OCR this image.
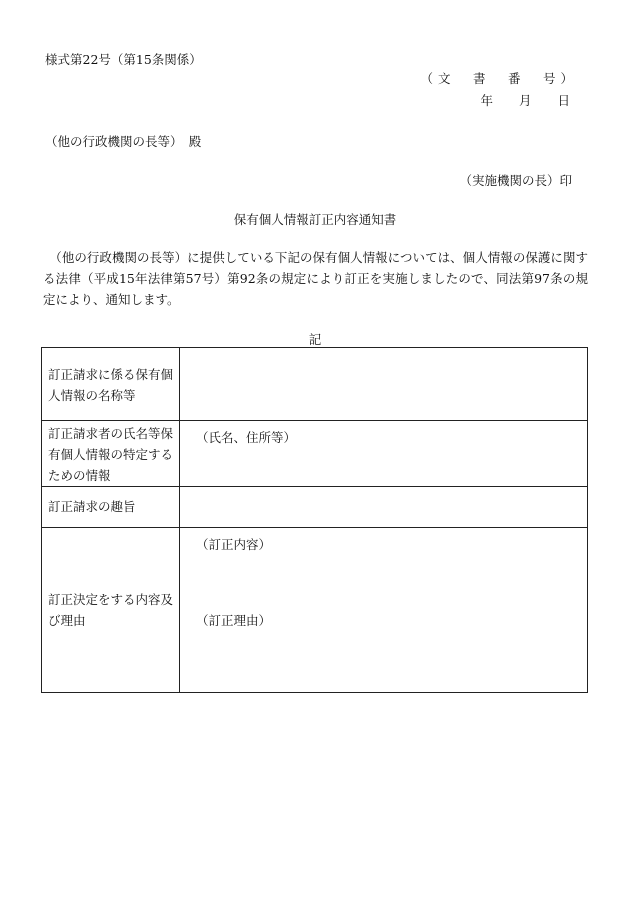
様式第22号（第15条関係）
（文　書　番　号）
年 月 日
（他の行政機関の長等）　殿
（実施機関の長）印
保有個人情報訂正内容通知書
　（他の行政機関の長等）に提供している下記の保有個人情報については、個人情報の保護に関する法律（平成15年法律第57号）第92条の規定により訂正を実施しましたので、同法第97条の規定により、通知します。
記
訂正請求に係る保有個人情報の名称等	
訂正請求者の氏名等保有個人情報の特定するための情報	（氏名、住所等）
訂正請求の趣旨	
訂正決定をする内容及び理由	（訂正内容）
（訂正理由）
